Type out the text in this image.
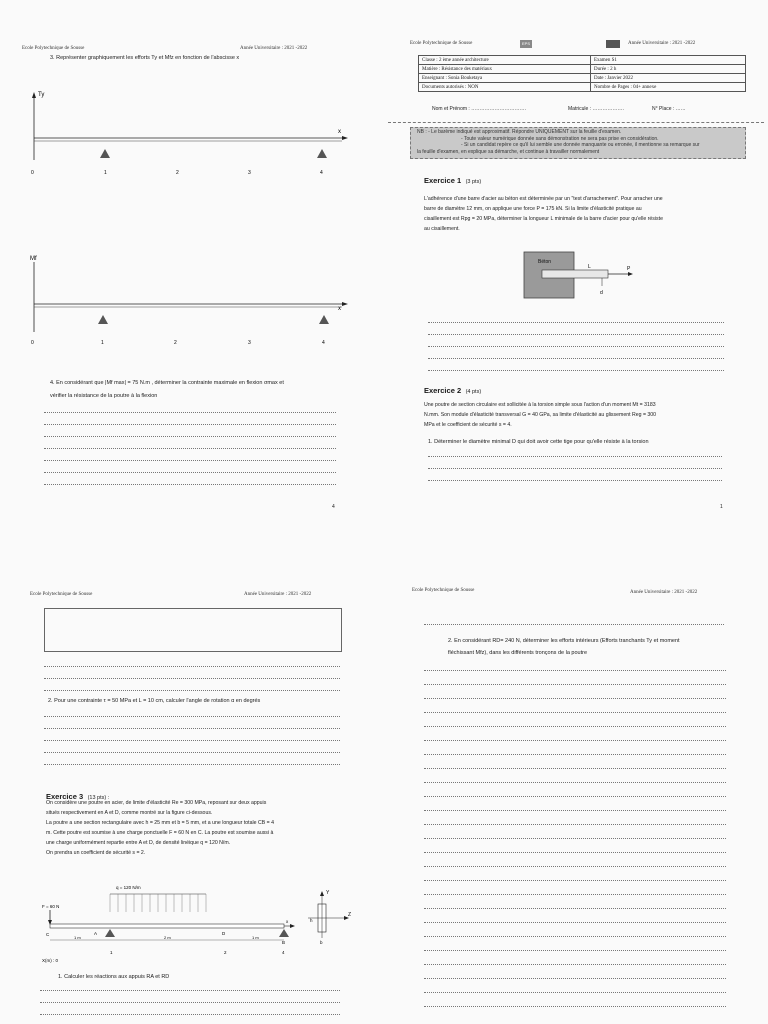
Ecole Polytechnique de Sousse	Année Universitaire : 2021 -2022
3. Représenter graphiquement les efforts Ty et Mfz en fonction de l'abscisse x
Ty
x
0	1	2	3	4
Mf
x
0	1	2	3	4
4. En considérant que |Mf max| = 75 N.m , déterminer la contrainte maximale en flexion σmax et
vérifier la résistance de la poutre à la flexion
4
Ecole Polytechnique de Sousse	EPS	Année Universitaire : 2021 -2022
Classe : 2 ème année architecture	Examen S1
Matière : Résistance des matériaux	Durée : 2 h
Enseignant : Sonia Bouketaya	Date : Janvier 2022
Documents autorisés : NON	Nombre de Pages : 04+ annexe
Nom et Prénom : ……………………………	Matricule : ……………….	N° Place : ……
NB : - Le barème indiqué est approximatif. Répondre UNIQUEMENT sur la feuille d'examen.
- Toute valeur numérique donnée sans démonstration ne sera pas prise en considération.
- Si un candidat repère ce qu'il lui semble une donnée manquante ou erronée, il mentionne sa remarque sur
la feuille d'examen, en explique sa démarche, et continue à travailler normalement
Exercice 1 (3 pts)
L'adhérence d'une barre d'acier au béton est déterminée par un "test d'arrachement". Pour arracher une
barre de diamètre 12 mm, on applique une force P = 175 kN. Si la limite d'élasticité pratique au
cisaillement est Rpg = 20 MPa, déterminer la longueur L minimale de la barre d'acier pour qu'elle résiste
au cisaillement.
Béton
P
L
d
Exercice 2 (4 pts)
Une poutre de section circulaire est sollicitée à la torsion simple sous l'action d'un moment Mt = 3183
N.mm. Son module d'élasticité transversal G = 40 GPa, sa limite d'élasticité au glissement Reg = 300
MPa et le coefficient de sécurité s = 4.
1. Déterminer le diamètre minimal D qui doit avoir cette tige pour qu'elle résiste à la torsion
1
Ecole Polytechnique de Sousse	Année Universitaire : 2021 -2022
2. Pour une contrainte τ = 50 MPa et L = 10 cm, calculer l'angle de rotation α en degrés
Exercice 3 (13 pts) :
On considère une poutre en acier, de limite d'élasticité Re = 300 MPa, reposant sur deux appuis
situés respectivement en A et D, comme montré sur la figure ci-dessous.
La poutre a une section rectangulaire avec h = 25 mm et b = 5 mm, et a une longueur totale CB = 4
m. Cette poutre est soumise à une charge ponctuelle F = 60 N en C. La poutre est soumise aussi à
une charge uniformément repartie entre A et D, de densité linéique q = 120 N/m.
On prendra un coefficient de sécurité s = 2.
q = 120 N/m
F = 60 N
x
C	A	D
B
1 m	2 m	1 m
1	2	4
X(m) : 0
Y
Z
h
b
1. Calculer les réactions aux appuis RA et RD
Ecole Polytechnique de Sousse	Année Universitaire : 2021 -2022
2. En considérant RD= 240 N, déterminer les efforts intérieurs (Efforts tranchants Ty et moment
fléchissant Mfz), dans les différents tronçons de la poutre
